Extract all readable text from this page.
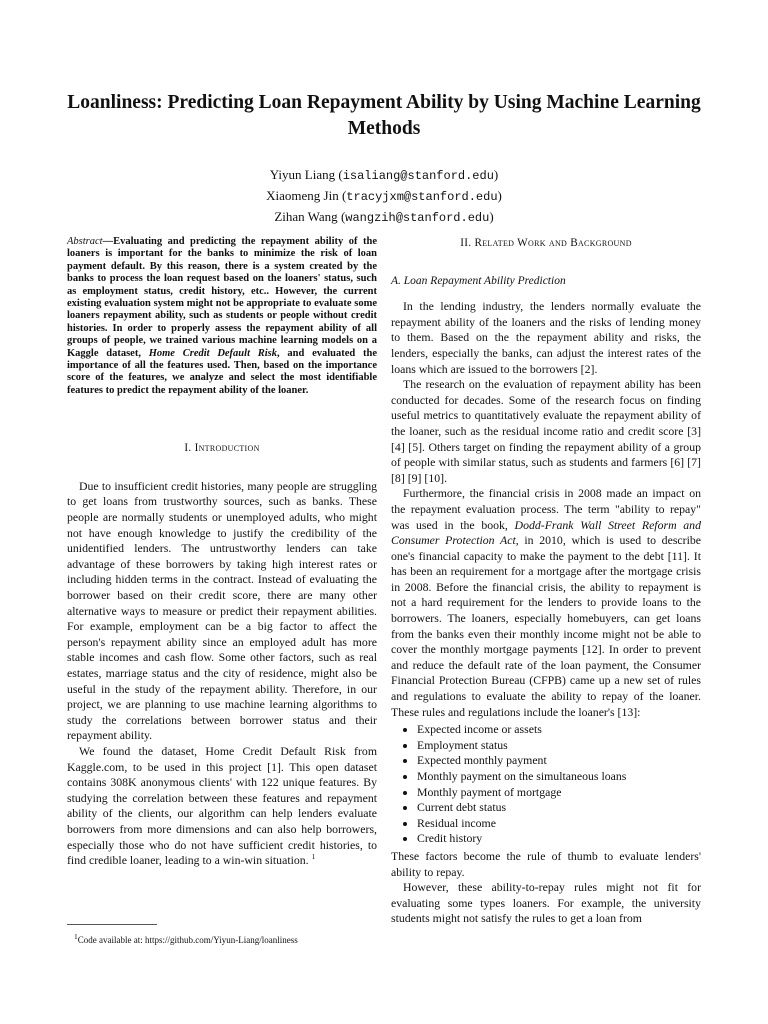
Loanliness: Predicting Loan Repayment Ability by Using Machine Learning Methods
Yiyun Liang (isaliang@stanford.edu)
Xiaomeng Jin (tracyjxm@stanford.edu)
Zihan Wang (wangzih@stanford.edu)

Abstract—Evaluating and predicting the repayment ability of the loaners is important for the banks to minimize the risk of loan payment default. By this reason, there is a system created by the banks to process the loan request based on the loaners' status, such as employment status, credit history, etc.. However, the current existing evaluation system might not be appropriate to evaluate some loaners repayment ability, such as students or people without credit histories. In order to properly assess the repayment ability of all groups of people, we trained various machine learning models on a Kaggle dataset, Home Credit Default Risk, and evaluated the importance of all the features used. Then, based on the importance score of the features, we analyze and select the most identifiable features to predict the repayment ability of the loaner.

I. Introduction

Due to insufficient credit histories, many people are struggling to get loans from trustworthy sources, such as banks. These people are normally students or unemployed adults, who might not have enough knowledge to justify the credibility of the unidentified lenders. The untrustworthy lenders can take advantage of these borrowers by taking high interest rates or including hidden terms in the contract. Instead of evaluating the borrower based on their credit score, there are many other alternative ways to measure or predict their repayment abilities. For example, employment can be a big factor to affect the person's repayment ability since an employed adult has more stable incomes and cash flow. Some other factors, such as real estates, marriage status and the city of residence, might also be useful in the study of the repayment ability. Therefore, in our project, we are planning to use machine learning algorithms to study the correlations between borrower status and their repayment ability.

We found the dataset, Home Credit Default Risk from Kaggle.com, to be used in this project [1]. This open dataset contains 308K anonymous clients' with 122 unique features. By studying the correlation between these features and repayment ability of the clients, our algorithm can help lenders evaluate borrowers from more dimensions and can also help borrowers, especially those who do not have sufficient credit histories, to find credible loaner, leading to a win-win situation. $^1$

$^1$Code available at: https://github.com/Yiyun-Liang/loanliness
II. Related Work and Background
A. Loan Repayment Ability Prediction

In the lending industry, the lenders normally evaluate the repayment ability of the loaners and the risks of lending money to them. Based on the the repayment ability and risks, the lenders, especially the banks, can adjust the interest rates of the loans which are issued to the borrowers [2].

The research on the evaluation of repayment ability has been conducted for decades. Some of the research focus on finding useful metrics to quantitatively evaluate the repayment ability of the loaner, such as the residual income ratio and credit score [3] [4] [5]. Others target on finding the repayment ability of a group of people with similar status, such as students and farmers [6] [7] [8] [9] [10].

Furthermore, the financial crisis in 2008 made an impact on the repayment evaluation process. The term "ability to repay" was used in the book, Dodd-Frank Wall Street Reform and Consumer Protection Act, in 2010, which is used to describe one's financial capacity to make the payment to the debt [11]. It has been an requirement for a mortgage after the mortgage crisis in 2008. Before the financial crisis, the ability to repayment is not a hard requirement for the lenders to provide loans to the borrowers. The loaners, especially homebuyers, can get loans from the banks even their monthly income might not be able to cover the monthly mortgage payments [12]. In order to prevent and reduce the default rate of the loan payment, the Consumer Financial Protection Bureau (CFPB) came up a new set of rules and regulations to evaluate the ability to repay of the loaner. These rules and regulations include the loaner's [13]:

• Expected income or assets
• Employment status
• Expected monthly payment
• Monthly payment on the simultaneous loans
• Monthly payment of mortgage
• Current debt status
• Residual income
• Credit history

These factors become the rule of thumb to evaluate lenders' ability to repay.

However, these ability-to-repay rules might not fit for evaluating some types loaners. For example, the university students might not satisfy the rules to get a loan from
